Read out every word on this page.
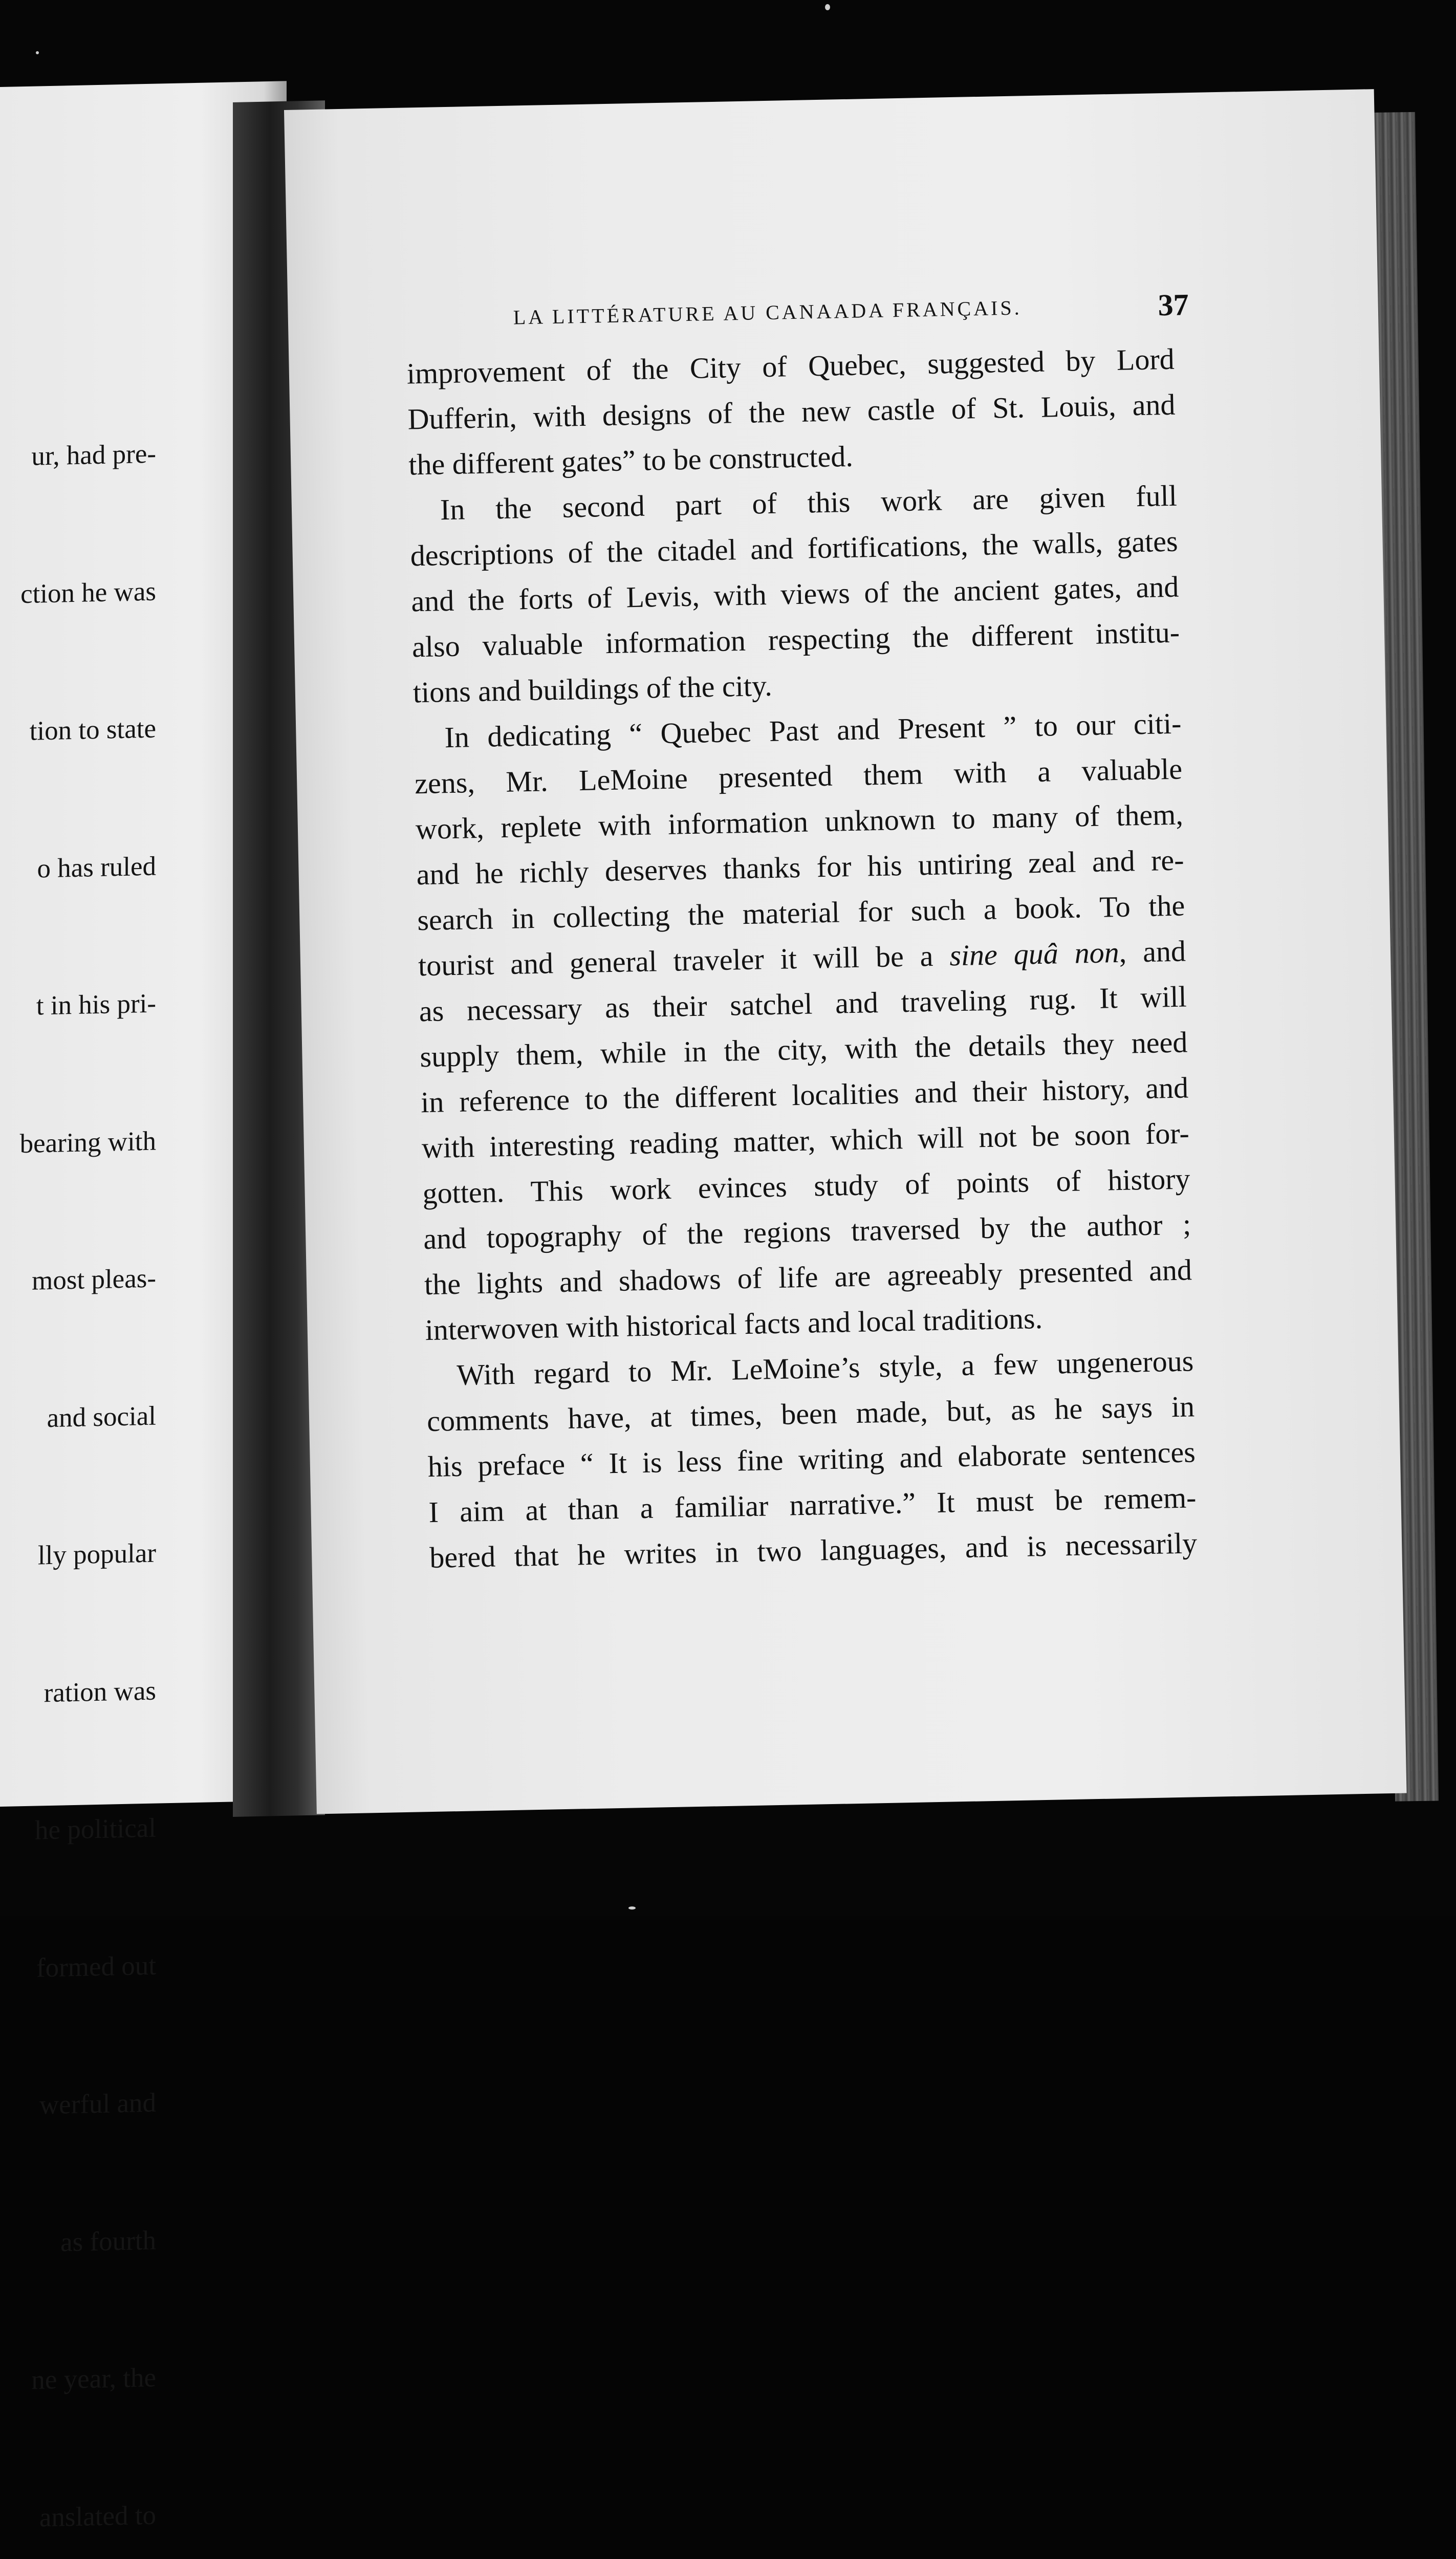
ur, had pre-

ction he was

tion to state

o has ruled

t in his pri-

bearing with

most pleas-

and social

lly popular

ration was

he political

formed out

werful and

as fourth

ne year, the

anslated to

LA LITTÉRATURE AU CANAADA FRANÇAIS.	37
improvement of the City of Quebec, suggested by Lord
Dufferin, with designs of the new castle of St. Louis, and
the different gates” to be constructed.
In the second part of this work are given full
descriptions of the citadel and fortifications, the walls, gates
and the forts of Levis, with views of the ancient gates, and
also valuable information respecting the different institu-
tions and buildings of the city.
In dedicating “ Quebec Past and Present ” to our citi-
zens, Mr. LeMoine presented them with a valuable
work, replete with information unknown to many of them,
and he richly deserves thanks for his untiring zeal and re-
search in collecting the material for such a book. To the
tourist and general traveler it will be a sine quâ non, and
as necessary as their satchel and traveling rug. It will
supply them, while in the city, with the details they need
in reference to the different localities and their history, and
with interesting reading matter, which will not be soon for-
gotten. This work evinces study of points of history
and topography of the regions traversed by the author ;
the lights and shadows of life are agreeably presented and
interwoven with historical facts and local traditions.
With regard to Mr. LeMoine’s style, a few ungenerous
comments have, at times, been made, but, as he says in
his preface “ It is less fine writing and elaborate sentences
I aim at than a familiar narrative.” It must be remem-
bered that he writes in two languages, and is necessarily
